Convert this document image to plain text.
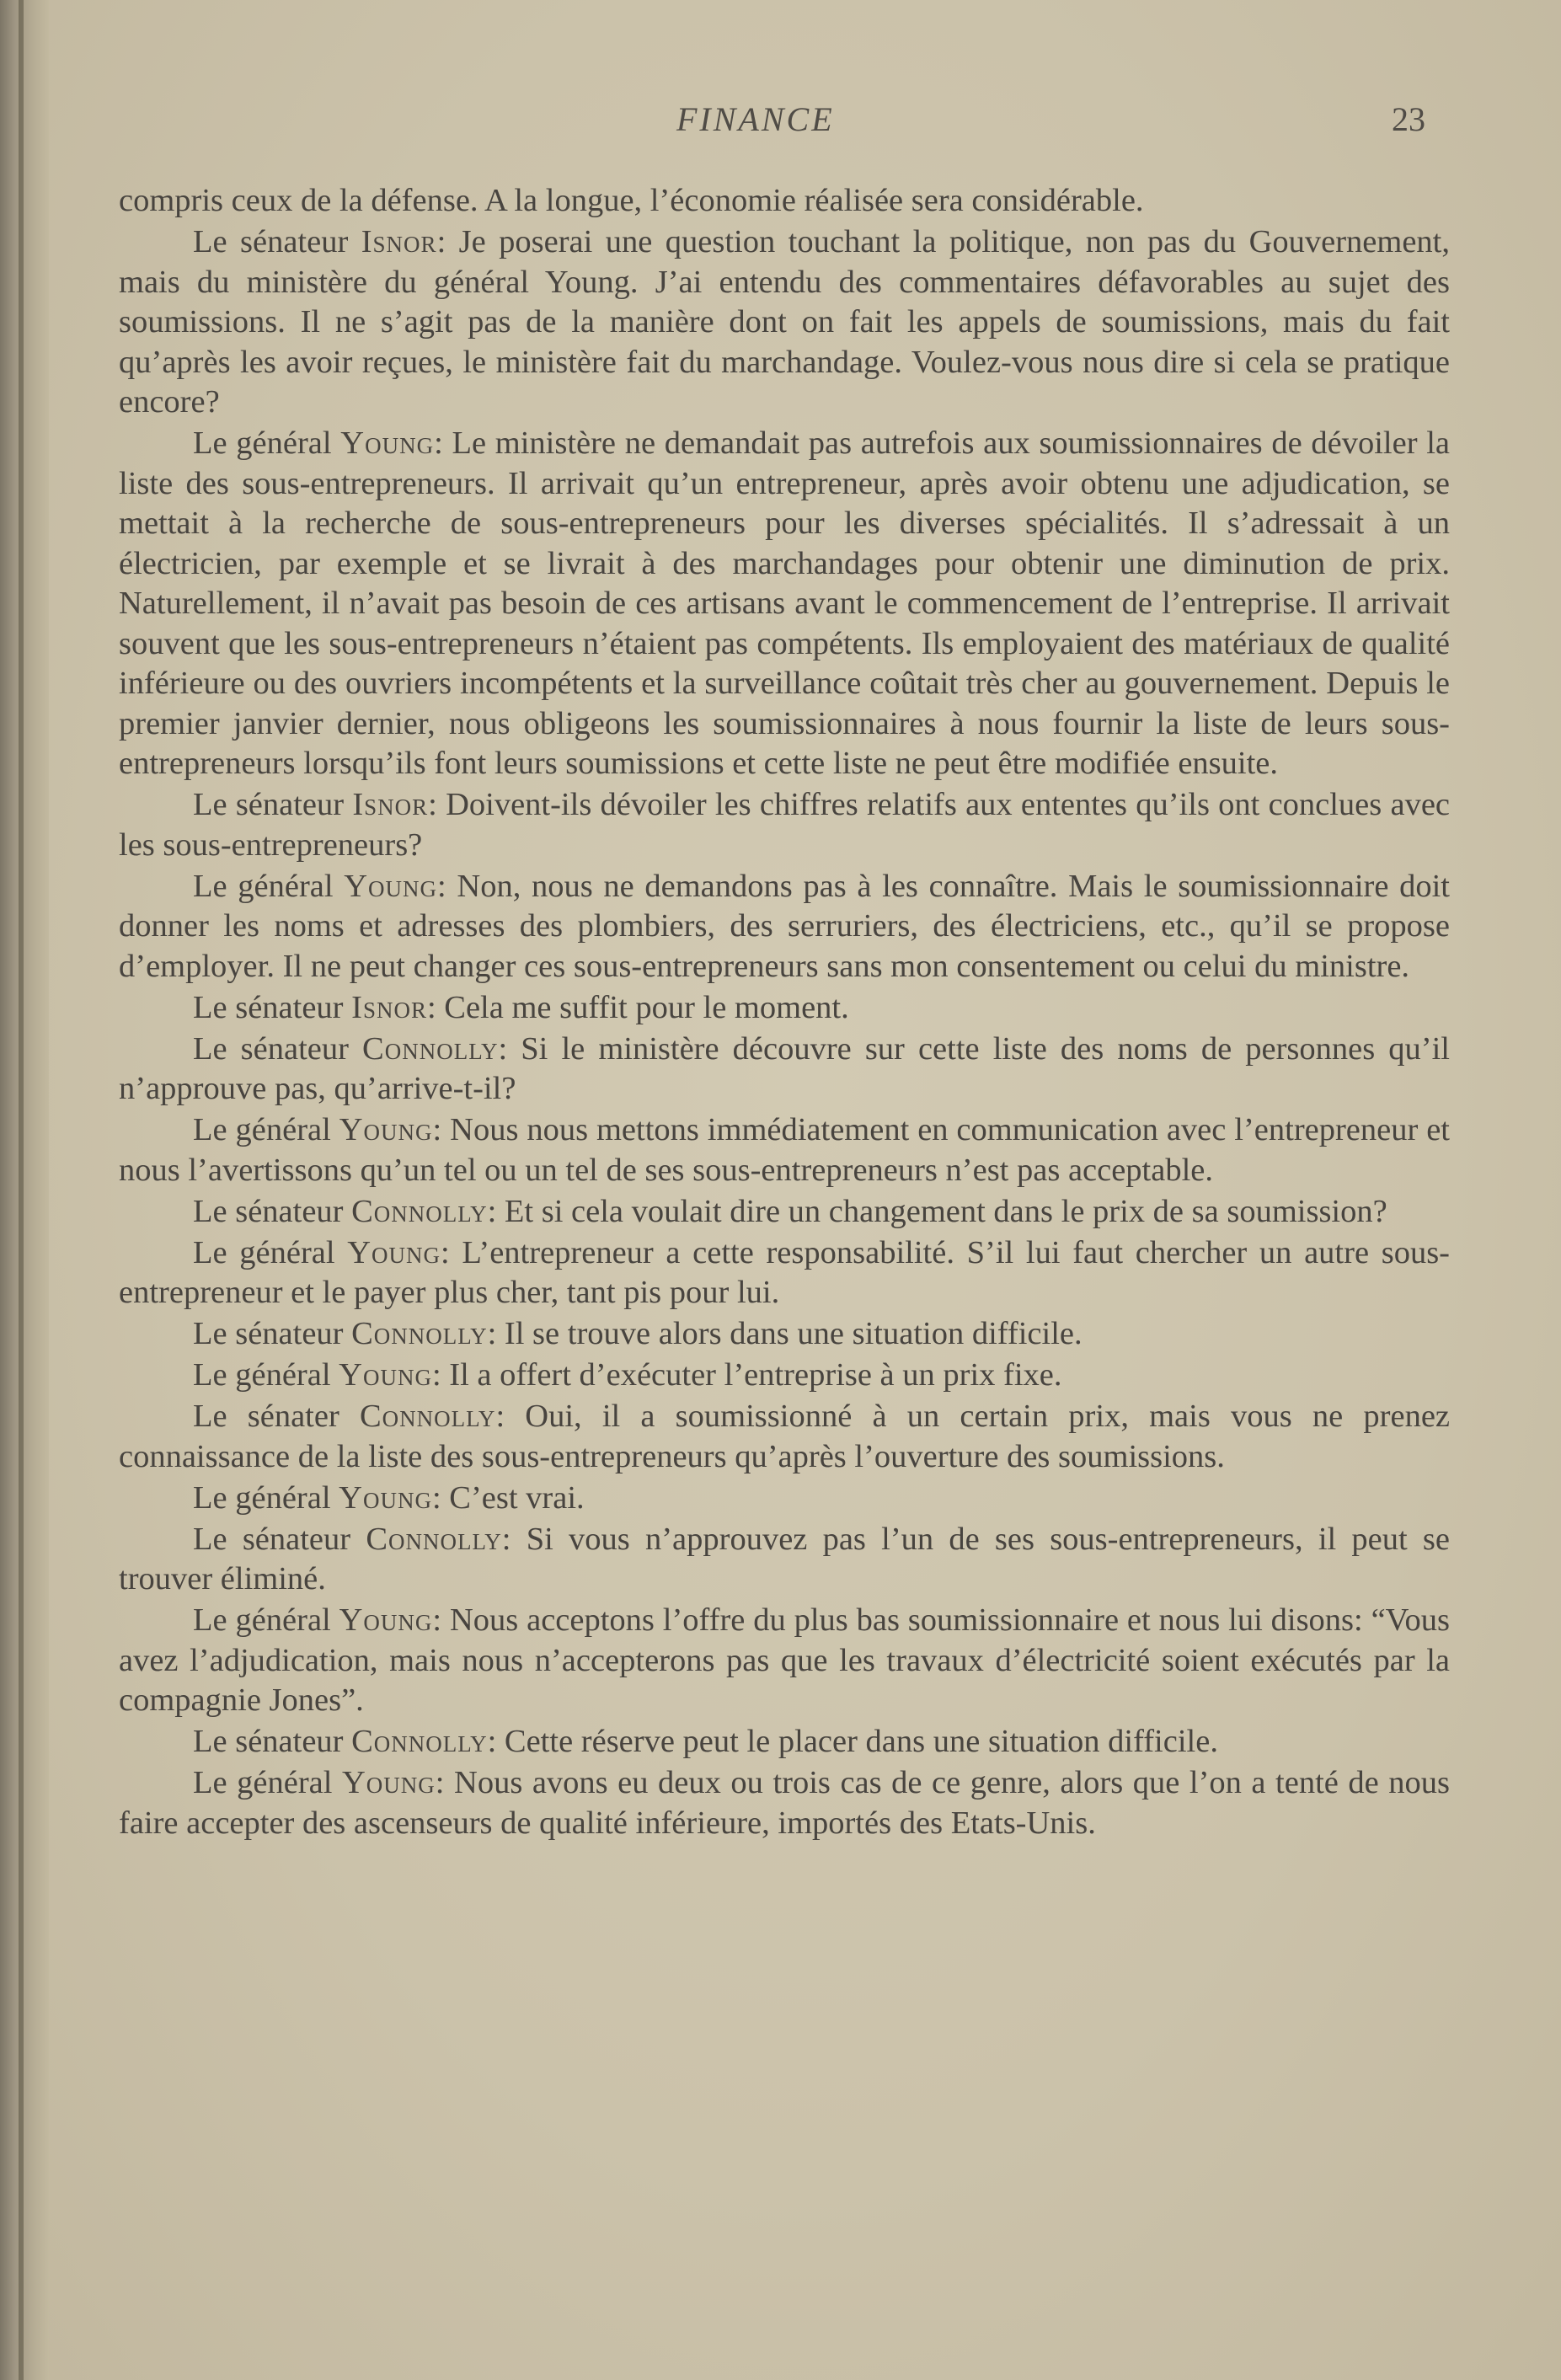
FINANCE	23

compris ceux de la défense. A la longue, l’économie réalisée sera considérable.

Le sénateur Isnor: Je poserai une question touchant la politique, non pas du Gouvernement, mais du ministère du général Young. J’ai entendu des commentaires défavorables au sujet des soumissions. Il ne s’agit pas de la manière dont on fait les appels de soumissions, mais du fait qu’après les avoir reçues, le ministère fait du marchandage. Voulez-vous nous dire si cela se pratique encore?

Le général Young: Le ministère ne demandait pas autrefois aux soumissionnaires de dévoiler la liste des sous-entrepreneurs. Il arrivait qu’un entrepreneur, après avoir obtenu une adjudication, se mettait à la recherche de sous-entrepreneurs pour les diverses spécialités. Il s’adressait à un électricien, par exemple et se livrait à des marchandages pour obtenir une diminution de prix. Naturellement, il n’avait pas besoin de ces artisans avant le commencement de l’entreprise. Il arrivait souvent que les sous-entrepreneurs n’étaient pas compétents. Ils employaient des matériaux de qualité inférieure ou des ouvriers incompétents et la surveillance coûtait très cher au gouvernement. Depuis le premier janvier dernier, nous obligeons les soumissionnaires à nous fournir la liste de leurs sous-entrepreneurs lorsqu’ils font leurs soumissions et cette liste ne peut être modifiée ensuite.

Le sénateur Isnor: Doivent-ils dévoiler les chiffres relatifs aux ententes qu’ils ont conclues avec les sous-entrepreneurs?

Le général Young: Non, nous ne demandons pas à les connaître. Mais le soumissionnaire doit donner les noms et adresses des plombiers, des serruriers, des électriciens, etc., qu’il se propose d’employer. Il ne peut changer ces sous-entrepreneurs sans mon consentement ou celui du ministre.

Le sénateur Isnor: Cela me suffit pour le moment.

Le sénateur Connolly: Si le ministère découvre sur cette liste des noms de personnes qu’il n’approuve pas, qu’arrive-t-il?

Le général Young: Nous nous mettons immédiatement en communication avec l’entrepreneur et nous l’avertissons qu’un tel ou un tel de ses sous-entrepreneurs n’est pas acceptable.

Le sénateur Connolly: Et si cela voulait dire un changement dans le prix de sa soumission?

Le général Young: L’entrepreneur a cette responsabilité. S’il lui faut chercher un autre sous-entrepreneur et le payer plus cher, tant pis pour lui.

Le sénateur Connolly: Il se trouve alors dans une situation difficile.

Le général Young: Il a offert d’exécuter l’entreprise à un prix fixe.

Le sénater Connolly: Oui, il a soumissionné à un certain prix, mais vous ne prenez connaissance de la liste des sous-entrepreneurs qu’après l’ouverture des soumissions.

Le général Young: C’est vrai.

Le sénateur Connolly: Si vous n’approuvez pas l’un de ses sous-entrepreneurs, il peut se trouver éliminé.

Le général Young: Nous acceptons l’offre du plus bas soumissionnaire et nous lui disons: “Vous avez l’adjudication, mais nous n’accepterons pas que les travaux d’électricité soient exécutés par la compagnie Jones”.

Le sénateur Connolly: Cette réserve peut le placer dans une situation difficile.

Le général Young: Nous avons eu deux ou trois cas de ce genre, alors que l’on a tenté de nous faire accepter des ascenseurs de qualité inférieure, importés des Etats-Unis.
